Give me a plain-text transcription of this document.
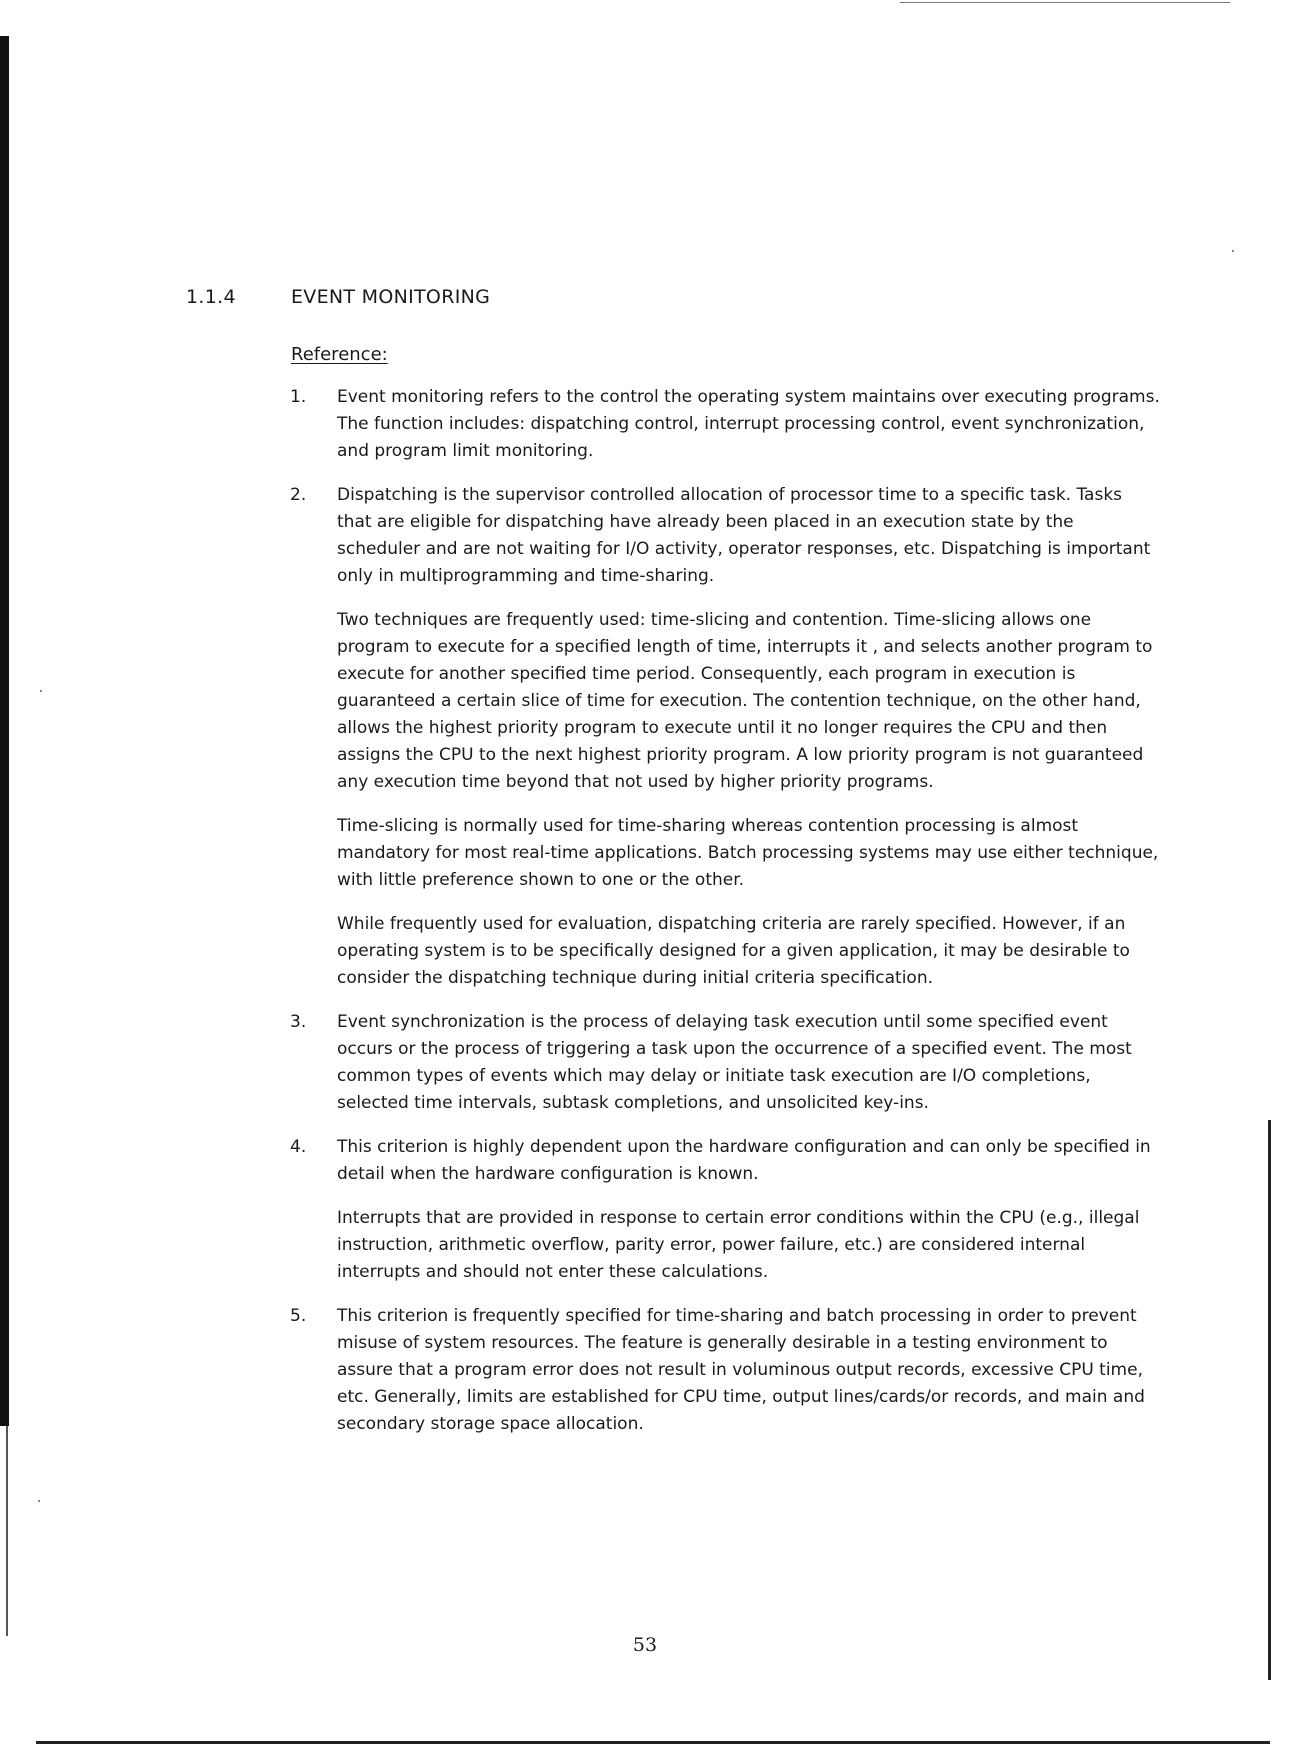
1.1.4	EVENT MONITORING
Reference:
1. Event monitoring refers to the control the operating system maintains over executing programs. The function includes: dispatching control, interrupt processing control, event synchronization, and program limit monitoring.

2. Dispatching is the supervisor controlled allocation of processor time to a specific task. Tasks that are eligible for dispatching have already been placed in an execution state by the scheduler and are not waiting for I/O activity, operator responses, etc. Dispatching is important only in multiprogramming and time-sharing.

Two techniques are frequently used: time-slicing and contention. Time-slicing allows one program to execute for a specified length of time, interrupts it , and selects another program to execute for another specified time period. Consequently, each program in execution is guaranteed a certain slice of time for execution. The contention technique, on the other hand, allows the highest priority program to execute until it no longer requires the CPU and then assigns the CPU to the next highest priority program. A low priority program is not guaranteed any execution time beyond that not used by higher priority programs.

Time-slicing is normally used for time-sharing whereas contention processing is almost mandatory for most real-time applications. Batch processing systems may use either technique, with little preference shown to one or the other.

While frequently used for evaluation, dispatching criteria are rarely specified. However, if an operating system is to be specifically designed for a given application, it may be desirable to consider the dispatching technique during initial criteria specification.

3. Event synchronization is the process of delaying task execution until some specified event occurs or the process of triggering a task upon the occurrence of a specified event. The most common types of events which may delay or initiate task execution are I/O completions, selected time intervals, subtask completions, and unsolicited key-ins.

4. This criterion is highly dependent upon the hardware configuration and can only be specified in detail when the hardware configuration is known.

Interrupts that are provided in response to certain error conditions within the CPU (e.g., illegal instruction, arithmetic overflow, parity error, power failure, etc.) are considered internal interrupts and should not enter these calculations.

5. This criterion is frequently specified for time-sharing and batch processing in order to prevent misuse of system resources. The feature is generally desirable in a testing environment to assure that a program error does not result in voluminous output records, excessive CPU time, etc. Generally, limits are established for CPU time, output lines/cards/or records, and main and secondary storage space allocation.

53
